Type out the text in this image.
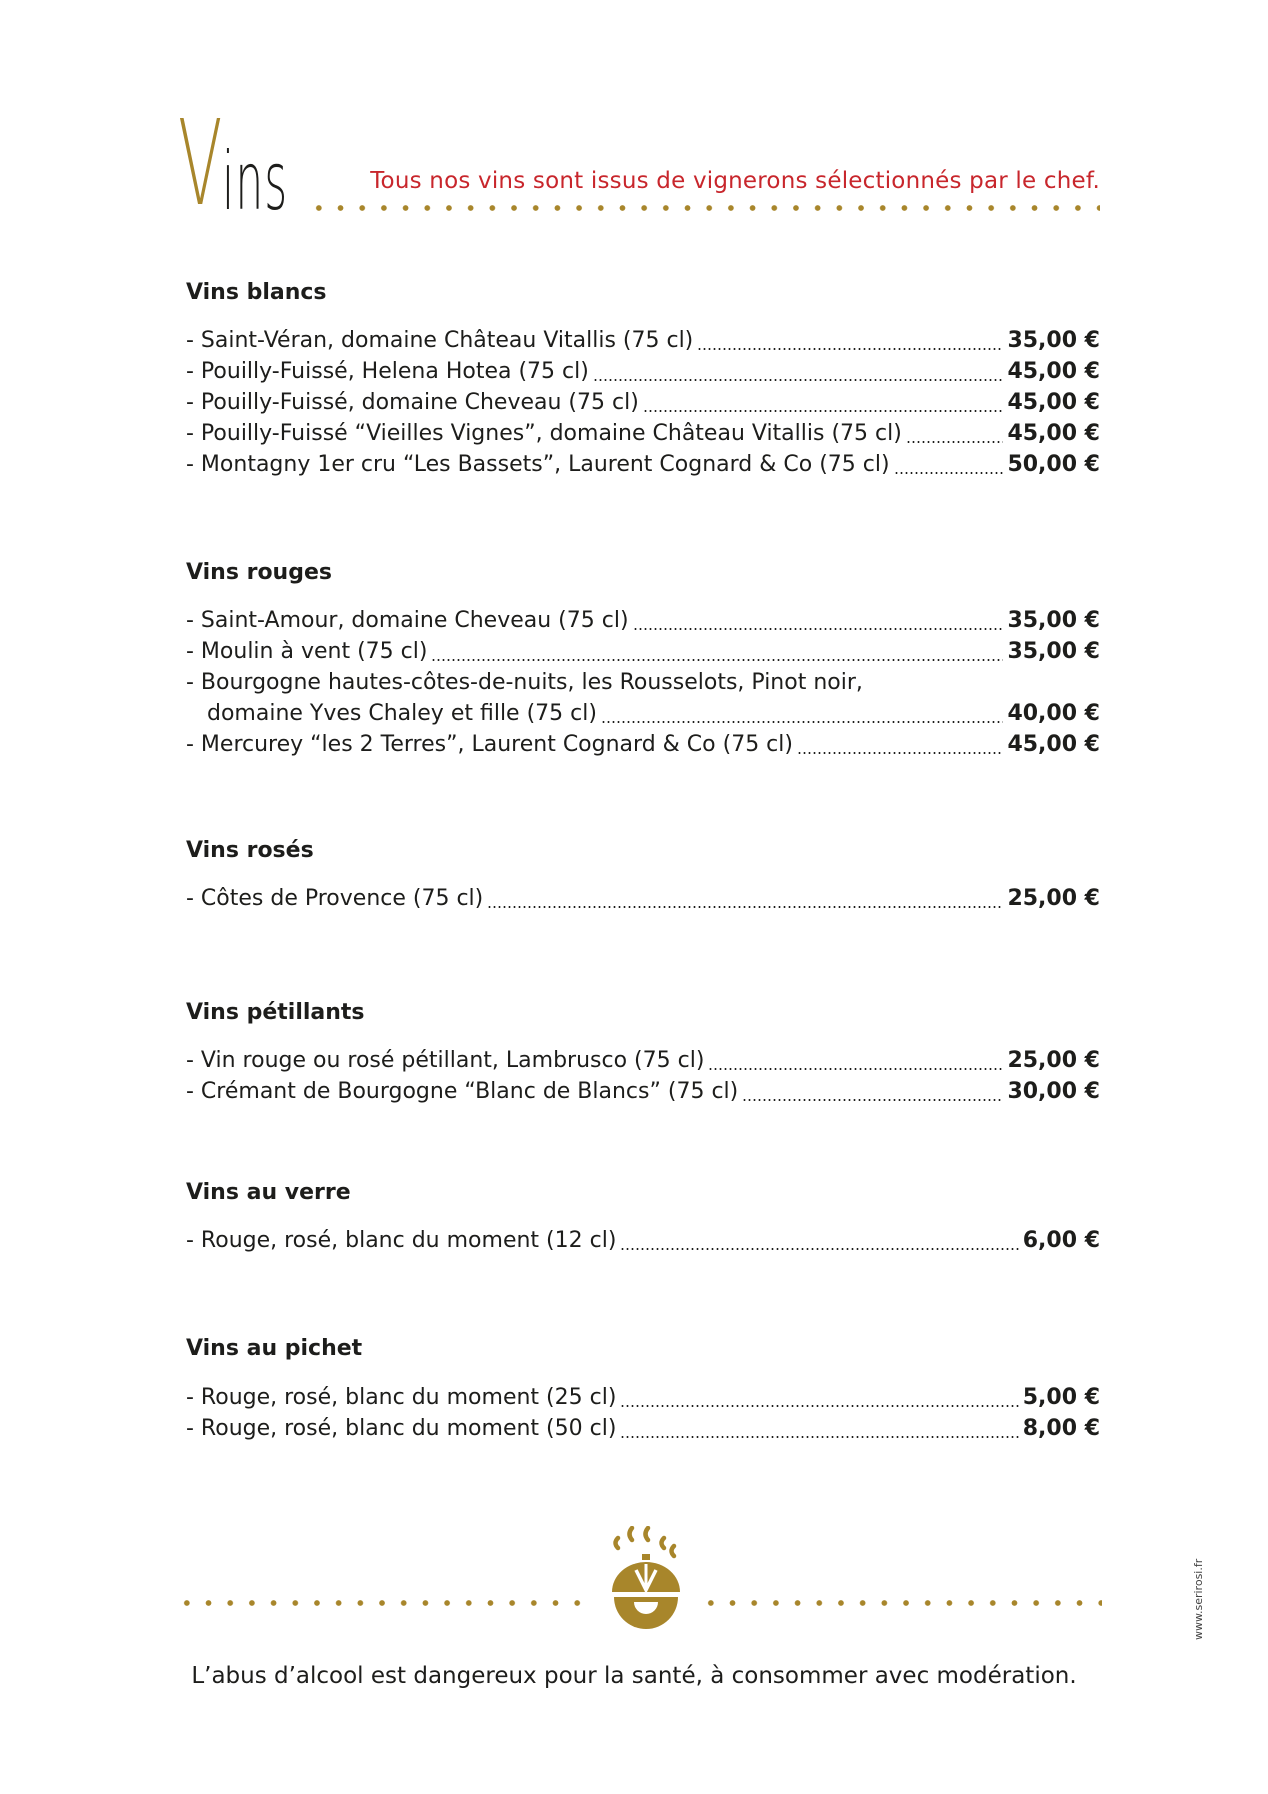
V ins	Tous nos vins sont issus de vignerons sélectionnés par le chef.
Vins blancs
- Saint-Véran, domaine Château Vitallis (75 cl)	35,00 €
- Pouilly-Fuissé, Helena Hotea (75 cl)	45,00 €
- Pouilly-Fuissé, domaine Cheveau (75 cl)	45,00 €
- Pouilly-Fuissé “Vieilles Vignes”, domaine Château Vitallis (75 cl)	45,00 €
- Montagny 1er cru “Les Bassets”, Laurent Cognard & Co (75 cl)	50,00 €
Vins rouges
- Saint-Amour, domaine Cheveau (75 cl)	35,00 €
- Moulin à vent (75 cl)	35,00 €
- Bourgogne hautes-côtes-de-nuits, les Rousselots, Pinot noir,
domaine Yves Chaley et fille (75 cl)	40,00 €
- Mercurey “les 2 Terres”, Laurent Cognard & Co (75 cl)	45,00 €
Vins rosés
- Côtes de Provence (75 cl)	25,00 €
Vins pétillants
- Vin rouge ou rosé pétillant, Lambrusco (75 cl)	25,00 €
- Crémant de Bourgogne “Blanc de Blancs” (75 cl)	30,00 €
Vins au verre
- Rouge, rosé, blanc du moment (12 cl)	6,00 €
Vins au pichet
- Rouge, rosé, blanc du moment (25 cl)	5,00 €
- Rouge, rosé, blanc du moment (50 cl)	8,00 €
L’abus d’alcool est dangereux pour la santé, à consommer avec modération.
www.serirosi.fr
